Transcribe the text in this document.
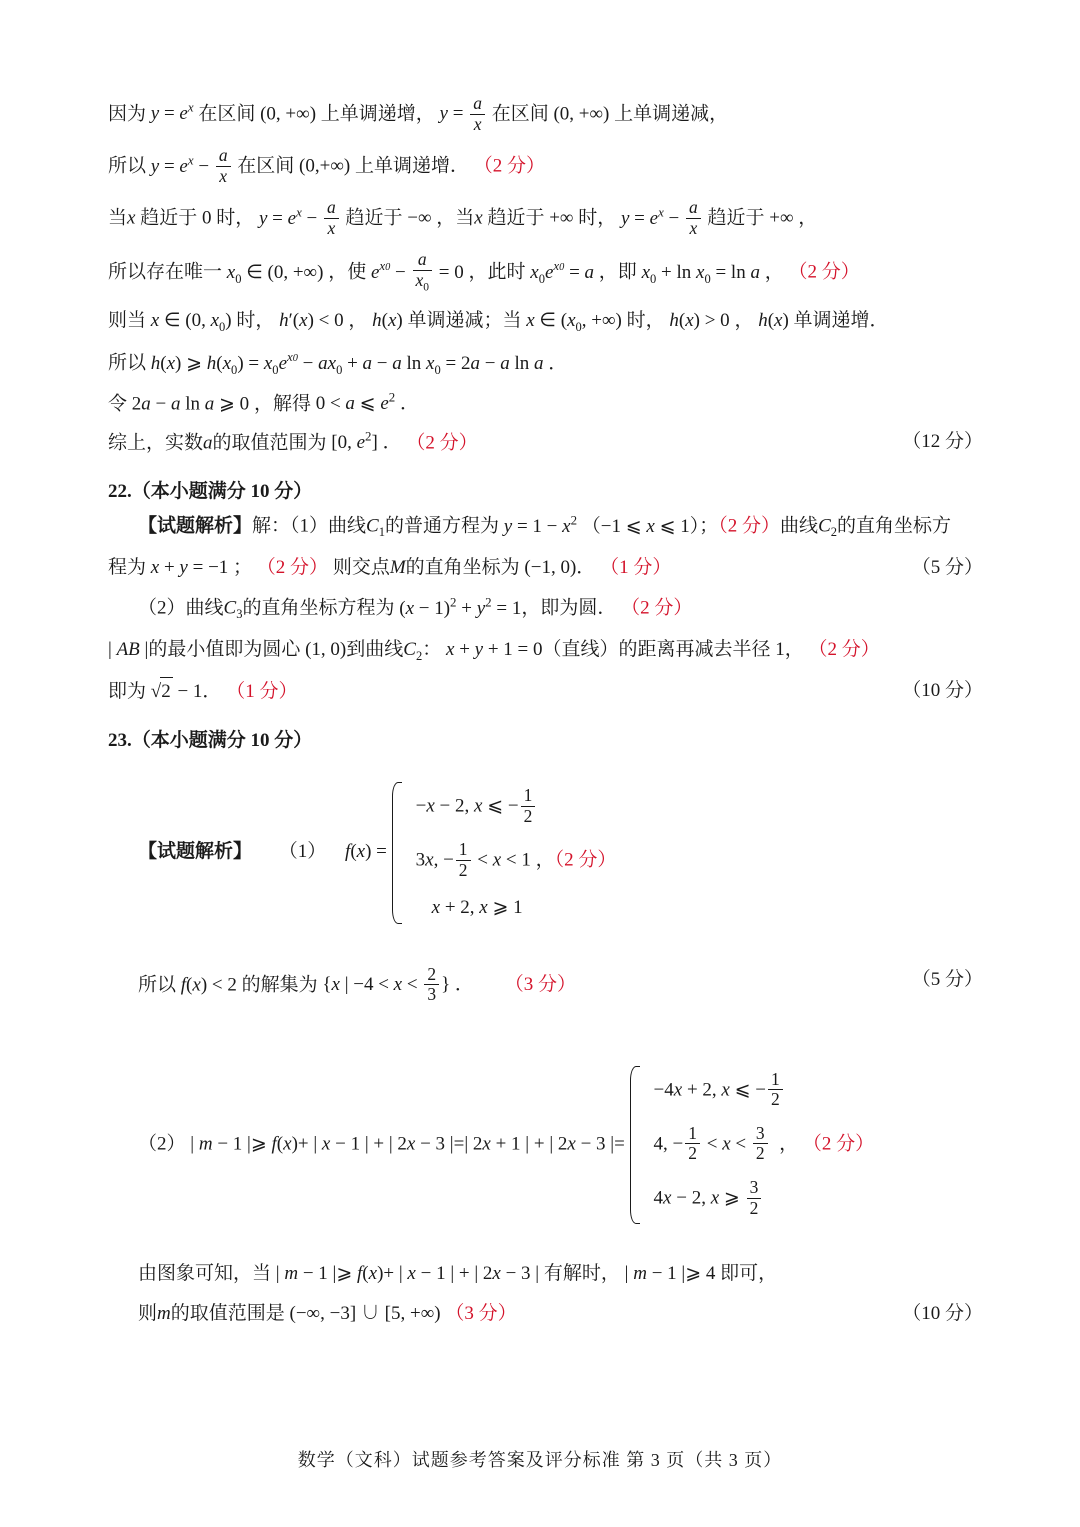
因为 $y = e^x$ 在区间 (0, +∞) 上单调递增， $y = \frac{a}{x}$ 在区间 (0, +∞) 上单调递减，
所以 $y = e^x - \frac{a}{x}$ 在区间 (0,+∞) 上单调递增． （2 分）
当x 趋近于 0 时， $y = e^x - \frac{a}{x}$ 趋近于 −∞ ，当x 趋近于 +∞ 时， $y = e^x - \frac{a}{x}$ 趋近于 +∞ ，
所以存在唯一 $x_0$ ∈ (0, +∞) ，使 $e^{x0} - \frac{a}{x_0} = 0$ ，此时 $x_0e^{x0} = a$ ，即 $x_0 + \ln x_0 = \ln a$ ， （2 分）
则当 x ∈ (0, $x_0$) 时， h′(x) < 0 ， h(x) 单调递减；当 x ∈ ($x_0$, +∞) 时， h(x) > 0 ， h(x) 单调递增．
所以 h(x) ⩾ $h(x_0) = x_0e^{x0} - ax_0 + a - a$ $\ln x_0 = 2a - a$ ln a ．
令 2a − a ln a ⩾ 0 ，解得 0 < a ⩽ $e^2$ ．
综上，实数a的取值范围为 [0, $e^2$] ． （2 分）	（12 分）
22.（本小题满分 10 分）
【试题解析】解：（1）曲线$C_1$的普通方程为 $y = 1 - x^2$ （−1 ⩽ x ⩽ 1）；（2 分）曲线$C_2$的直角坐标方
程为 x + y = −1 ； （2 分） 则交点M的直角坐标为 (−1, 0)． （1 分）	（5 分）
（2）曲线$C_3$的直角坐标方程为 $(x - 1)^2 + y^2 = 1$，即为圆． （2 分）
| AB |的最小值即为圆心 (1, 0)到曲线$C_2$： x + y + 1 = 0（直线）的距离再减去半径 1， （2 分）
即为 √2 − 1． （1 分）	（10 分）
23.（本小题满分 10 分）
【试题解析】 （1） f(x) =
−x − 2, x ⩽ − $\frac{1}{2}$
3x, − $\frac{1}{2} < x < 1$ ，（2 分）
x + 2, x ⩾ 1
所以 f(x) < 2 的解集为 {x | $-4 < x < \frac{2}{3}$ } ． （3 分）	（5 分）
（2） | m − 1 |⩾ f(x)+ | x − 1 | + | 2x − 3 |=| 2x + 1 | + | 2x − 3 |=
−4x + 2, x ⩽ − $\frac{1}{2}$
4, − $\frac{1}{2} < x < \frac{3}{2}$ ， （2 分）
4x − 2, x ⩾ $\frac{3}{2}$
由图象可知，当 | m − 1 |⩾ f(x)+ | x − 1 | + | 2x − 3 | 有解时， | m − 1 |⩾ 4 即可，
则m的取值范围是 (−∞, −3] ∪ [5, +∞) （3 分）	（10 分）
数学（文科）试题参考答案及评分标准 第 3 页（共 3 页）
